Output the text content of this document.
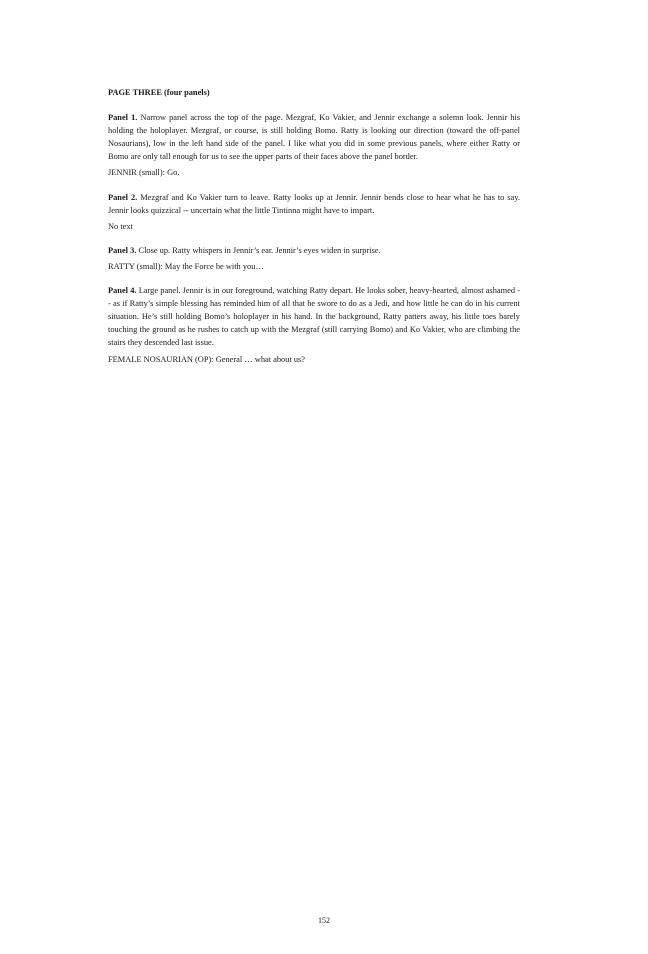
PAGE THREE (four panels)

Panel 1. Narrow panel across the top of the page. Mezgraf, Ko Vakier, and Jennir exchange a solemn look. Jennir his holding the holoplayer. Mezgraf, or course, is still holding Bomo. Ratty is looking our direction (toward the off-panel Nosaurians), low in the left hand side of the panel. I like what you did in some previous panels, where either Ratty or Bomo are only tall enough for us to see the upper parts of their faces above the panel border.

JENNIR (small): Go.

Panel 2. Mezgraf and Ko Vakier turn to leave. Ratty looks up at Jennir. Jennir bends close to hear what he has to say. Jennir looks quizzical -- uncertain what the little Tintinna might have to impart.

No text

Panel 3. Close up. Ratty whispers in Jennir’s ear. Jennir’s eyes widen in surprise.

RATTY (small): May the Force be with you…

Panel 4. Large panel. Jennir is in our foreground, watching Ratty depart. He looks sober, heavy-hearted, almost ashamed -- as if Ratty’s simple blessing has reminded him of all that he swore to do as a Jedi, and how little he can do in his current situation. He’s still holding Bomo’s holoplayer in his hand. In the background, Ratty patters away, his little toes barely touching the ground as he rushes to catch up with the Mezgraf (still carrying Bomo) and Ko Vakier, who are climbing the stairs they descended last issue.

FEMALE NOSAURIAN (OP): General … what about us?

152
